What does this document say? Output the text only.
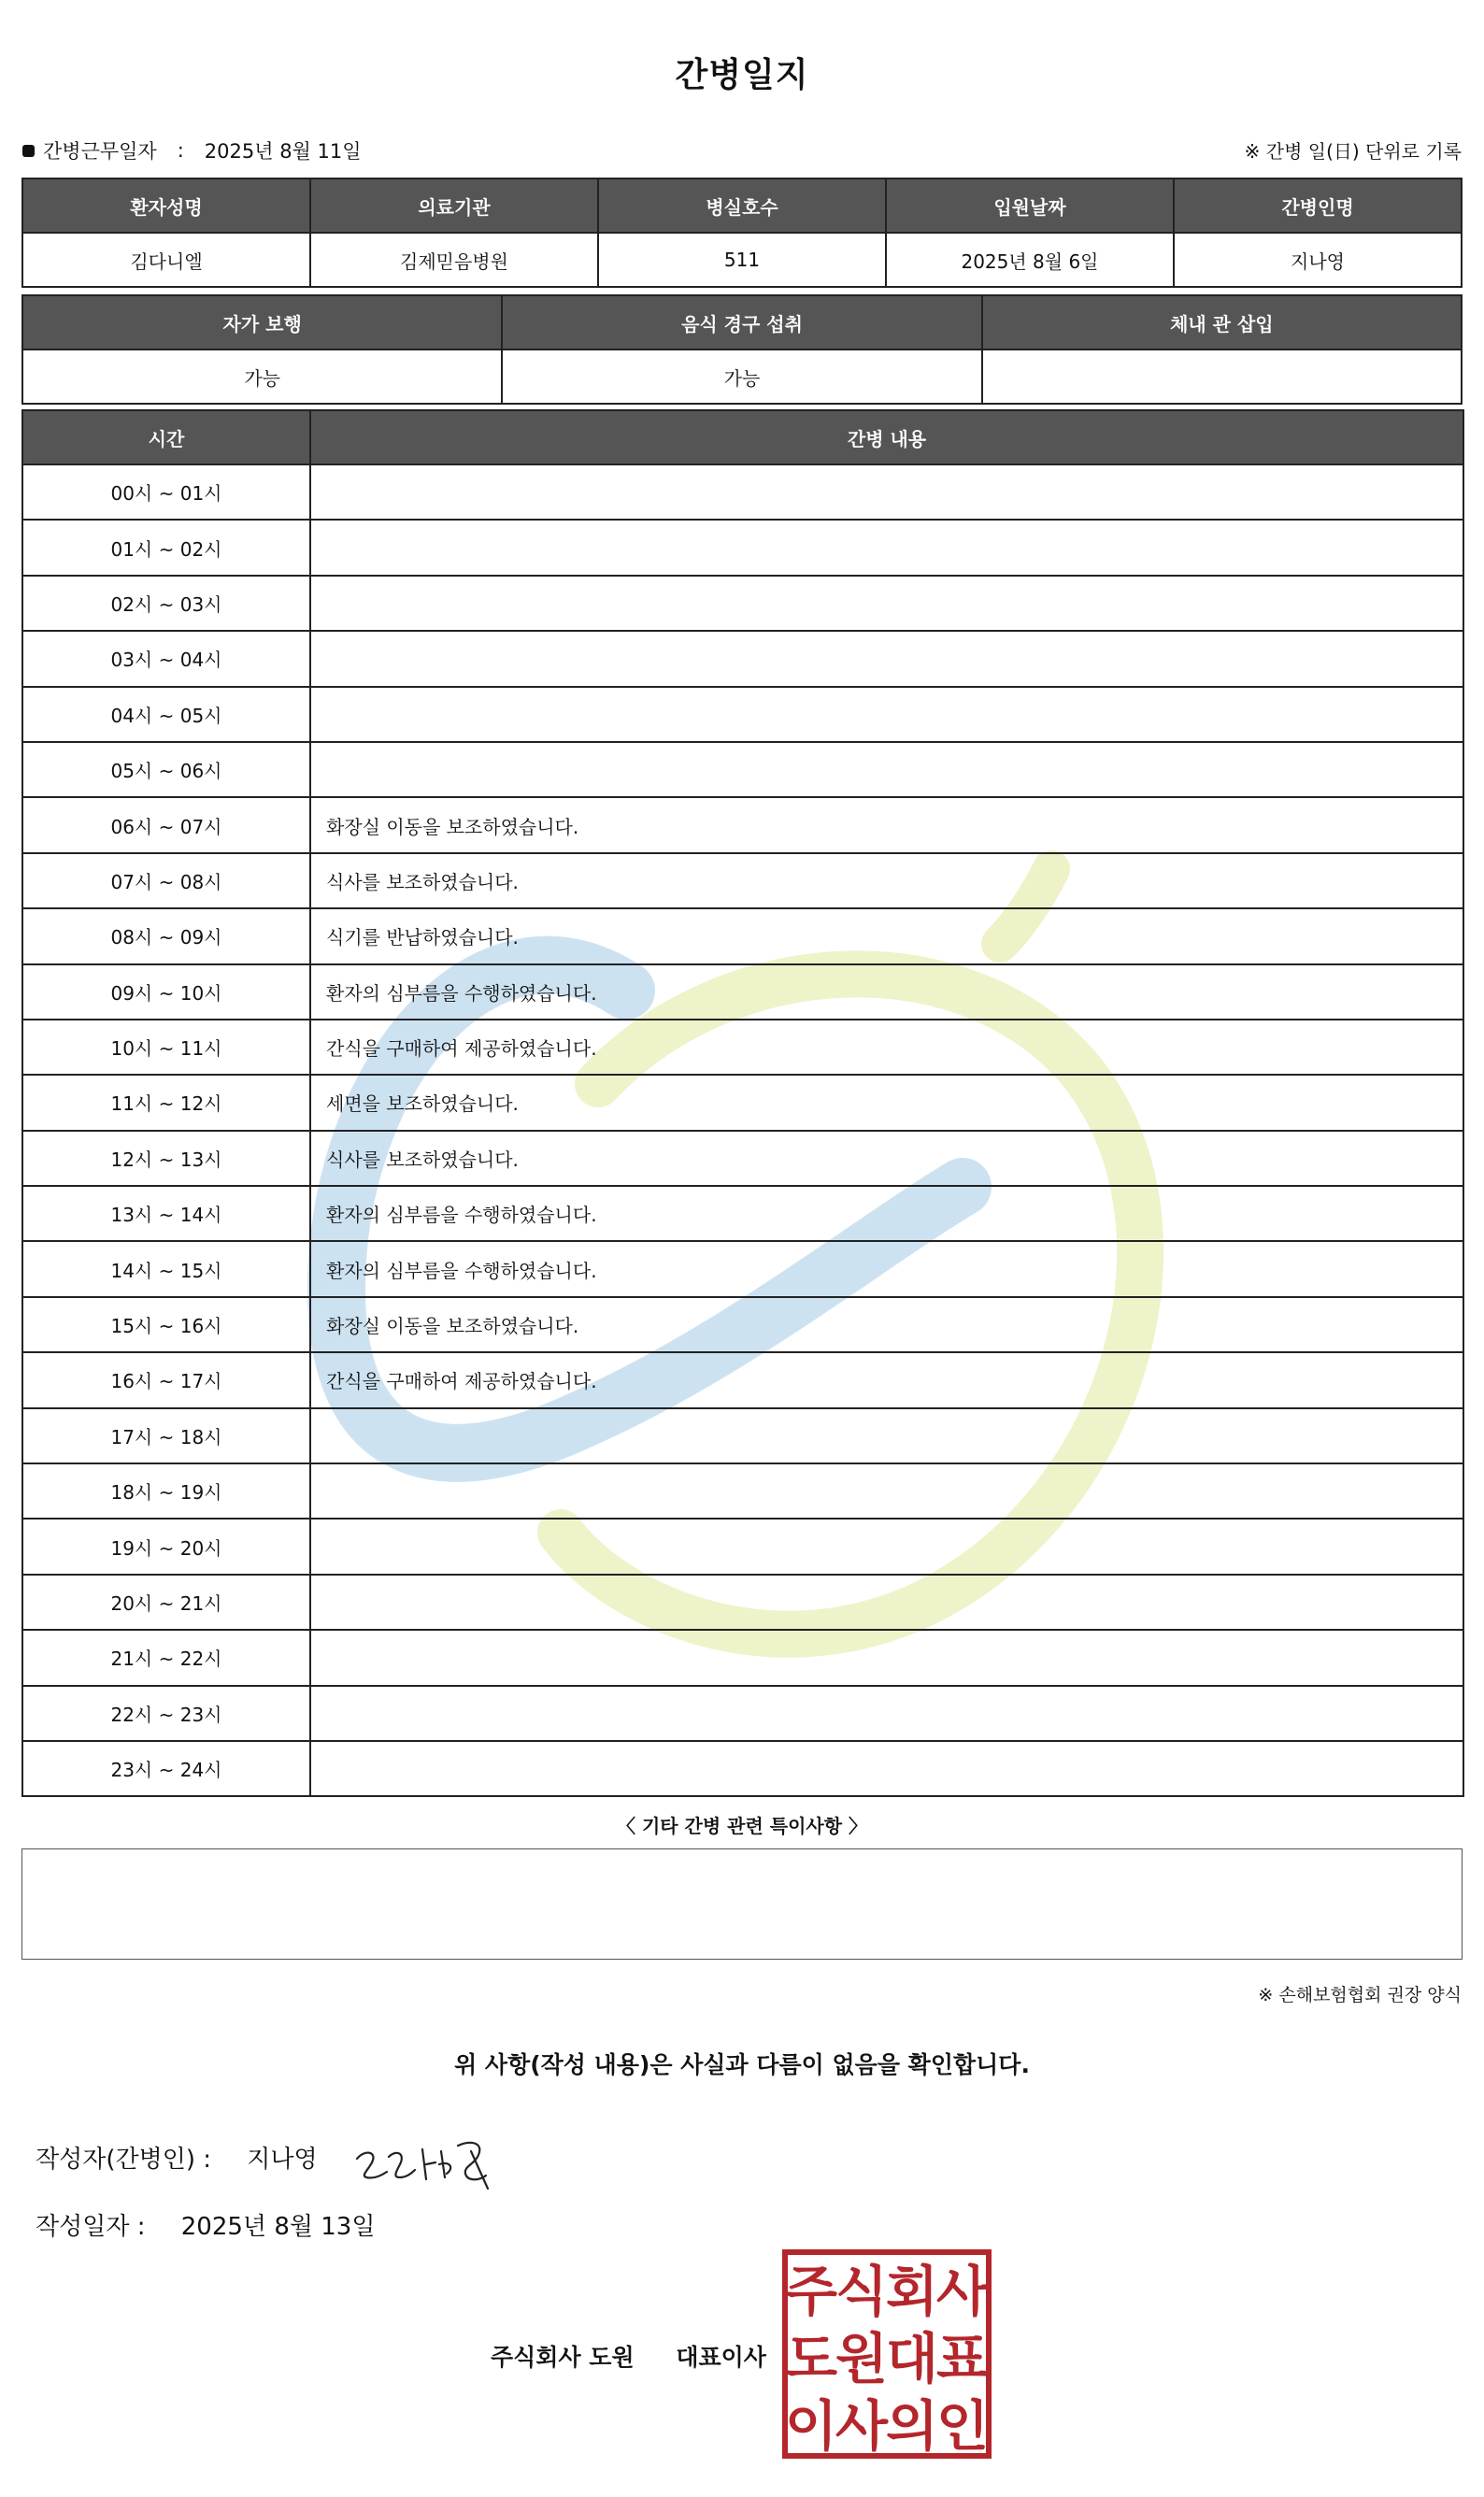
간병일지
간병근무일자 : 2025년 8월 11일	※ 간병 일(日) 단위로 기록
환자성명	의료기관	병실호수	입원날짜	간병인명
김다니엘	김제믿음병원	511	2025년 8월 6일	지나영
자가 보행	음식 경구 섭취	체내 관 삽입
가능	가능	
시간	간병 내용
00시 ~ 01시	
01시 ~ 02시	
02시 ~ 03시	
03시 ~ 04시	
04시 ~ 05시	
05시 ~ 06시	
06시 ~ 07시	화장실 이동을 보조하였습니다.
07시 ~ 08시	식사를 보조하였습니다.
08시 ~ 09시	식기를 반납하였습니다.
09시 ~ 10시	환자의 심부름을 수행하였습니다.
10시 ~ 11시	간식을 구매하여 제공하였습니다.
11시 ~ 12시	세면을 보조하였습니다.
12시 ~ 13시	식사를 보조하였습니다.
13시 ~ 14시	환자의 심부름을 수행하였습니다.
14시 ~ 15시	환자의 심부름을 수행하였습니다.
15시 ~ 16시	화장실 이동을 보조하였습니다.
16시 ~ 17시	간식을 구매하여 제공하였습니다.
17시 ~ 18시	
18시 ~ 19시	
19시 ~ 20시	
20시 ~ 21시	
21시 ~ 22시	
22시 ~ 23시	
23시 ~ 24시	
〈 기타 간병 관련 특이사항 〉
※ 손해보험협회 권장 양식
위 사항(작성 내용)은 사실과 다름이 없음을 확인합니다.
작성자(간병인) : 지나영
작성일자 : 2025년 8월 13일
주식회사 도원 대표이사
주
식
회
사
도
원
대
표
이
사
의
인
